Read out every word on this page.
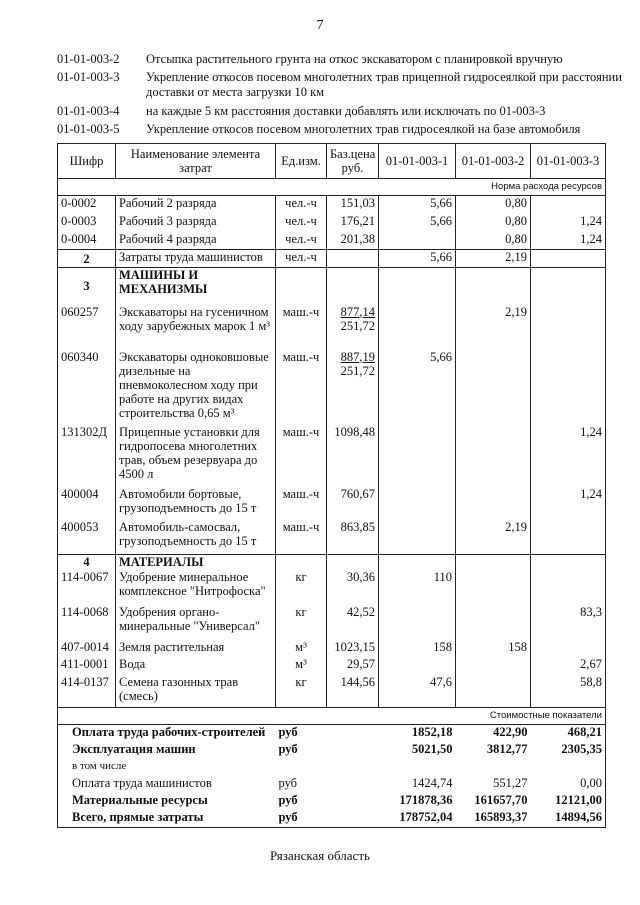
7
01-01-003-2 Отсыпка растительного грунта на откос экскаватором с планировкой вручную
01-01-003-3 Укрепление откосов посевом многолетних трав прицепной гидросеялкой при расстоянии доставки от места загрузки 10 км
01-01-003-4 на каждые 5 км расстояния доставки добавлять или исключать по 01-003-3
01-01-003-5 Укрепление откосов посевом многолетних трав гидросеялкой на базе автомобиля
Шифр	Наименование элемента затрат	Ед.изм.	Баз.цена руб.	01-01-003-1	01-01-003-2	01-01-003-3
Норма расхода ресурсов						
0-0002	Рабочий 2 разряда	чел.-ч	151,03	5,66	0,80	
0-0003	Рабочий 3 разряда	чел.-ч	176,21	5,66	0,80	1,24
0-0004	Рабочий 4 разряда	чел.-ч	201,38		0,80	1,24
2	Затраты труда машинистов	чел.-ч		5,66	2,19	
3	МАШИНЫ И МЕХАНИЗМЫ		

060257	Экскаваторы на гусеничном ходу зарубежных марок 1 м³	маш.-ч	877,14
251,72		2,19	
060340	Экскаваторы одноковшовые дизельные на пневмоколесном ходу при работе на других видах строительства 0,65 м³	маш.-ч	887,19
251,72	5,66		
131302Д	Прицепные установки для гидропосева многолетних трав, объем резервуара до 4500 л	маш.-ч	1098,48			1,24
400004	Автомобили бортовые, грузоподъемность до 15 т	маш.-ч	760,67			1,24
400053	Автомобиль-самосвал, грузоподъемность до 15 т	маш.-ч	863,85		2,19	
4	МАТЕРИАЛЫ		

114-0067	Удобрение минеральное комплексное "Нитрофоска"	кг	30,36	110		
114-0068	Удобрения органо-минеральные "Универсал"	кг	42,52			83,3
407-0014	Земля растительная	м³	1023,15	158	158	
411-0001	Вода	м³	29,57			2,67
414-0137	Семена газонных трав (смесь)	кг	144,56	47,6		58,8
Стоимостные показатели						
Оплата труда рабочих-строителей		руб		1852,18	422,90	468,21
Эксплуатация машин		руб		5021,50	3812,77	2305,35
в том числе						
Оплата труда машинистов		руб		1424,74	551,27	0,00
Материальные ресурсы		руб		171878,36	161657,70	12121,00
Всего, прямые затраты		руб		178752,04	165893,37	14894,56
Рязанская область
